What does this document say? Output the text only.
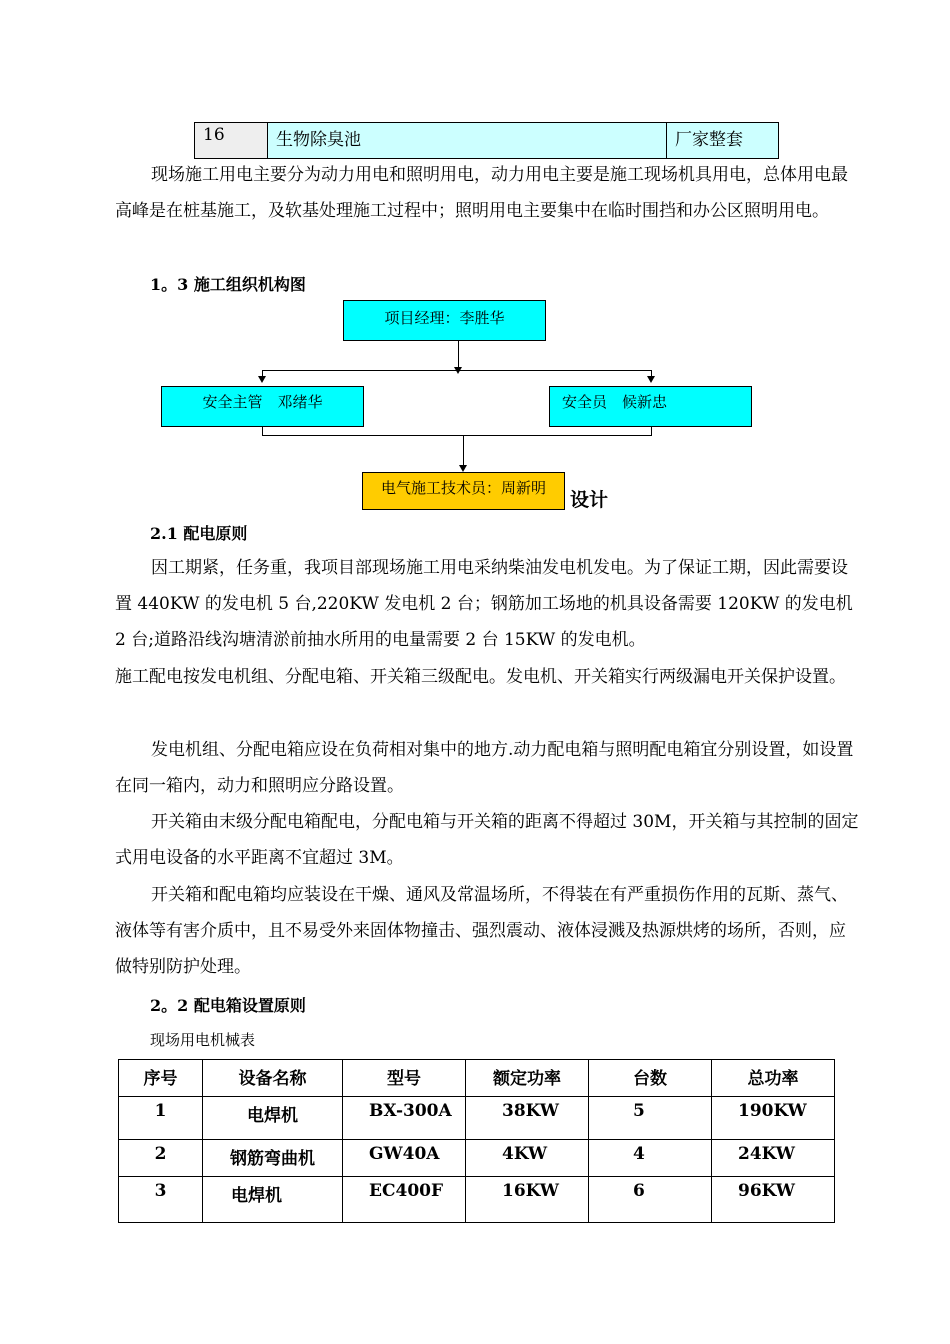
16	生物除臭池	厂家整套
现场施工用电主要分为动力用电和照明用电，动力用电主要是施工现场机具用电，总体用电最高峰是在桩基施工，及软基处理施工过程中；照明用电主要集中在临时围挡和办公区照明用电。
1。3 施工组织机构图
项目经理：李胜华
安全主管　邓绪华	安全员　候新忠
设计
电气施工技术员：周新明
2.1 配电原则
因工期紧，任务重，我项目部现场施工用电采纳柴油发电机发电。为了保证工期，因此需要设置 440KW 的发电机 5 台,220KW 发电机 2 台；钢筋加工场地的机具设备需要 120KW 的发电机 2 台;道路沿线沟塘清淤前抽水所用的电量需要 2 台 15KW 的发电机。
施工配电按发电机组、分配电箱、开关箱三级配电。发电机、开关箱实行两级漏电开关保护设置。
发电机组、分配电箱应设在负荷相对集中的地方.动力配电箱与照明配电箱宜分别设置，如设置在同一箱内，动力和照明应分路设置。
开关箱由末级分配电箱配电，分配电箱与开关箱的距离不得超过 30M，开关箱与其控制的固定式用电设备的水平距离不宜超过 3M。
开关箱和配电箱均应装设在干燥、通风及常温场所，不得装在有严重损伤作用的瓦斯、蒸气、液体等有害介质中，且不易受外来固体物撞击、强烈震动、液体浸溅及热源烘烤的场所，否则，应做特别防护处理。
2。2 配电箱设置原则
现场用电机械表
序号	设备名称	型号	额定功率	台数	总功率
1	电焊机	BX-300A	38KW	5	190KW
2	钢筋弯曲机	GW40A	4KW	4	24KW
3	电焊机	EC400F	16KW	6	96KW
